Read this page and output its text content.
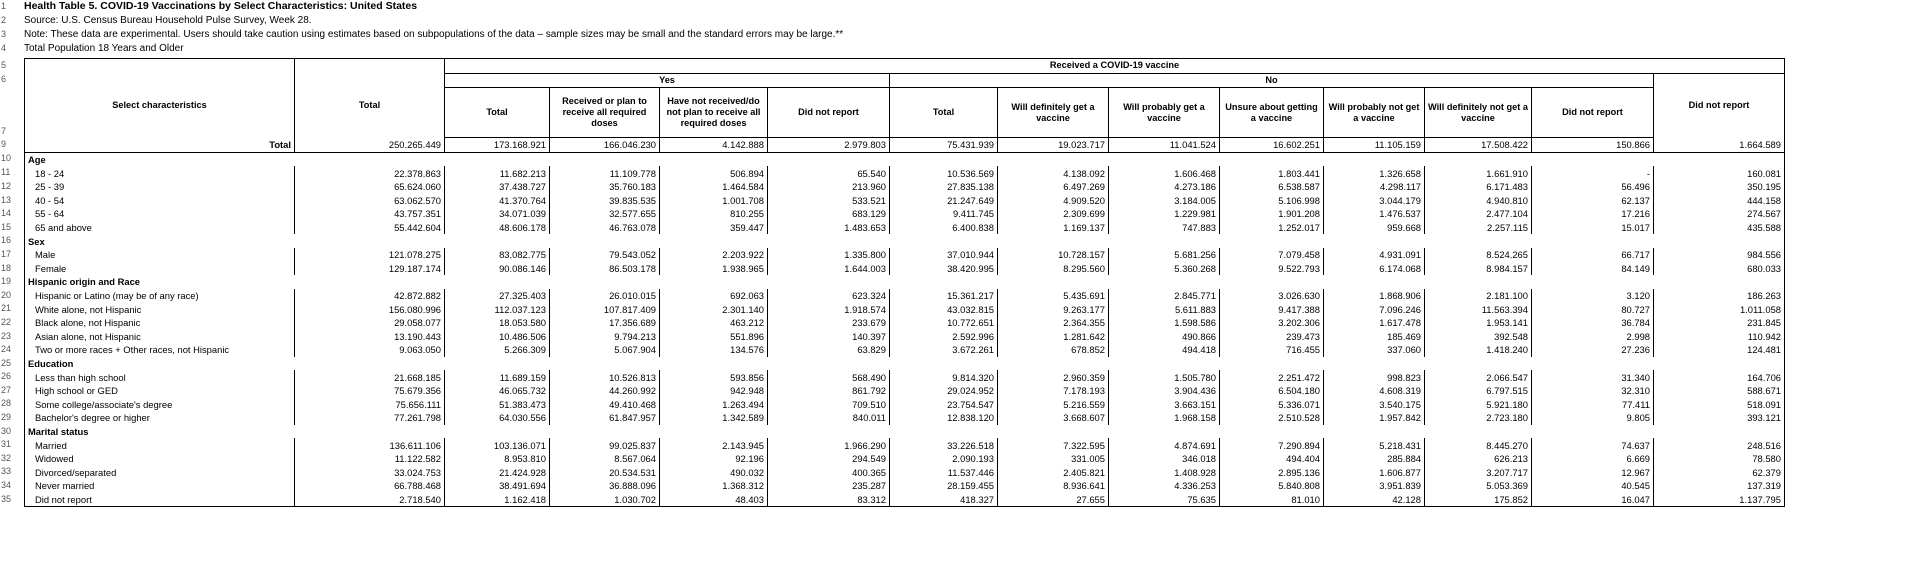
1
2
3
4
5
6
7
9
10
11
12
13
14
15
16
17
18
19
20
21
22
23
24
25
26
27
28
29
30
31
32
33
34
35
Health Table 5. COVID-19 Vaccinations by Select Characteristics: United States
Source: U.S. Census Bureau Household Pulse Survey, Week 28.
Note: These data are experimental. Users should take caution using estimates based on subpopulations of the data – sample sizes may be small and the standard errors may be large.**
Total Population 18 Years and Older
		Received a COVID-19 vaccine											
Select characteristics	Total	Yes				No							Did not report
		Total	Received or plan to receive all required doses	Have not received/do not plan to receive all required doses	Did not report	Total	Will definitely get a vaccine	Will probably get a vaccine	Unsure about getting a vaccine	Will probably not get a vaccine	Will definitely not get a vaccine	Did not report	
Total	250.265.449	173.168.921	166.046.230	4.142.888	2.979.803	75.431.939	19.023.717	11.041.524	16.602.251	11.105.159	17.508.422	150.866	1.664.589
Age													
18 - 24	22.378.863	11.682.213	11.109.778	506.894	65.540	10.536.569	4.138.092	1.606.468	1.803.441	1.326.658	1.661.910	-	160.081
25 - 39	65.624.060	37.438.727	35.760.183	1.464.584	213.960	27.835.138	6.497.269	4.273.186	6.538.587	4.298.117	6.171.483	56.496	350.195
40 - 54	63.062.570	41.370.764	39.835.535	1.001.708	533.521	21.247.649	4.909.520	3.184.005	5.106.998	3.044.179	4.940.810	62.137	444.158
55 - 64	43.757.351	34.071.039	32.577.655	810.255	683.129	9.411.745	2.309.699	1.229.981	1.901.208	1.476.537	2.477.104	17.216	274.567
65 and above	55.442.604	48.606.178	46.763.078	359.447	1.483.653	6.400.838	1.169.137	747.883	1.252.017	959.668	2.257.115	15.017	435.588
Sex													
Male	121.078.275	83.082.775	79.543.052	2.203.922	1.335.800	37.010.944	10.728.157	5.681.256	7.079.458	4.931.091	8.524.265	66.717	984.556
Female	129.187.174	90.086.146	86.503.178	1.938.965	1.644.003	38.420.995	8.295.560	5.360.268	9.522.793	6.174.068	8.984.157	84.149	680.033
Hispanic origin and Race													
Hispanic or Latino (may be of any race)	42.872.882	27.325.403	26.010.015	692.063	623.324	15.361.217	5.435.691	2.845.771	3.026.630	1.868.906	2.181.100	3.120	186.263
White alone, not Hispanic	156.080.996	112.037.123	107.817.409	2.301.140	1.918.574	43.032.815	9.263.177	5.611.883	9.417.388	7.096.246	11.563.394	80.727	1.011.058
Black alone, not Hispanic	29.058.077	18.053.580	17.356.689	463.212	233.679	10.772.651	2.364.355	1.598.586	3.202.306	1.617.478	1.953.141	36.784	231.845
Asian alone, not Hispanic	13.190.443	10.486.506	9.794.213	551.896	140.397	2.592.996	1.281.642	490.866	239.473	185.469	392.548	2.998	110.942
Two or more races + Other races, not Hispanic	9.063.050	5.266.309	5.067.904	134.576	63.829	3.672.261	678.852	494.418	716.455	337.060	1.418.240	27.236	124.481
Education													
Less than high school	21.668.185	11.689.159	10.526.813	593.856	568.490	9.814.320	2.960.359	1.505.780	2.251.472	998.823	2.066.547	31.340	164.706
High school or GED	75.679.356	46.065.732	44.260.992	942.948	861.792	29.024.952	7.178.193	3.904.436	6.504.180	4.608.319	6.797.515	32.310	588.671
Some college/associate's degree	75.656.111	51.383.473	49.410.468	1.263.494	709.510	23.754.547	5.216.559	3.663.151	5.336.071	3.540.175	5.921.180	77.411	518.091
Bachelor's degree or higher	77.261.798	64.030.556	61.847.957	1.342.589	840.011	12.838.120	3.668.607	1.968.158	2.510.528	1.957.842	2.723.180	9.805	393.121
Marital status													
Married	136.611.106	103.136.071	99.025.837	2.143.945	1.966.290	33.226.518	7.322.595	4.874.691	7.290.894	5.218.431	8.445.270	74.637	248.516
Widowed	11.122.582	8.953.810	8.567.064	92.196	294.549	2.090.193	331.005	346.018	494.404	285.884	626.213	6.669	78.580
Divorced/separated	33.024.753	21.424.928	20.534.531	490.032	400.365	11.537.446	2.405.821	1.408.928	2.895.136	1.606.877	3.207.717	12.967	62.379
Never married	66.788.468	38.491.694	36.888.096	1.368.312	235.287	28.159.455	8.936.641	4.336.253	5.840.808	3.951.839	5.053.369	40.545	137.319
Did not report	2.718.540	1.162.418	1.030.702	48.403	83.312	418.327	27.655	75.635	81.010	42.128	175.852	16.047	1.137.795
